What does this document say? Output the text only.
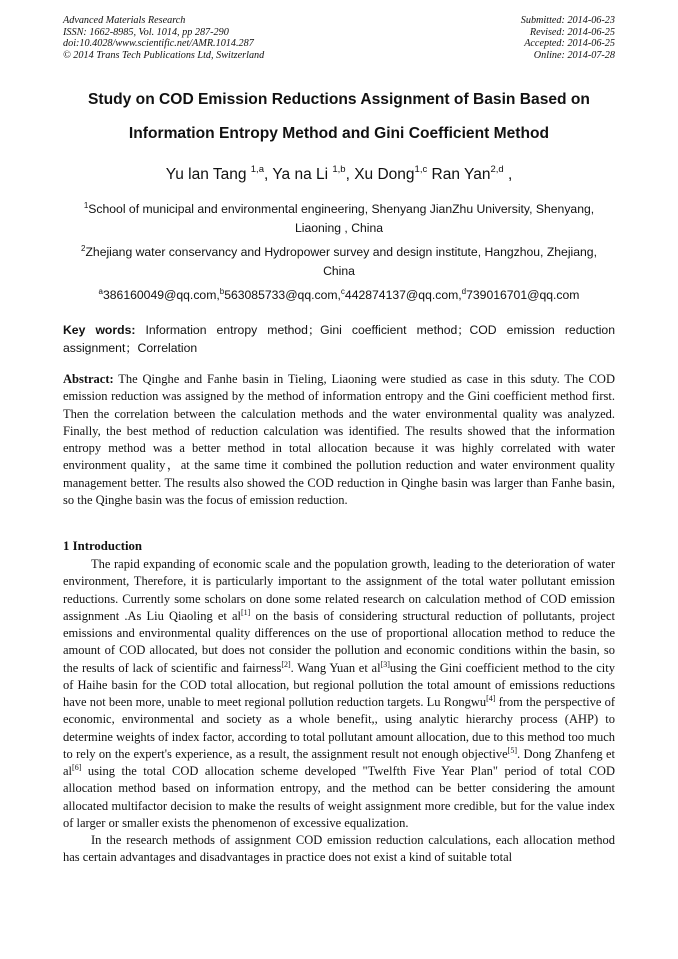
Advanced Materials Research
ISSN: 1662-8985, Vol. 1014, pp 287-290
doi:10.4028/www.scientific.net/AMR.1014.287
© 2014 Trans Tech Publications Ltd, Switzerland
Submitted: 2014-06-23
Revised: 2014-06-25
Accepted: 2014-06-25
Online: 2014-07-28
Study on COD Emission Reductions Assignment of Basin Based on
Information Entropy Method and Gini Coefficient Method
Yu lan Tang $^{1,a}$, Ya na Li $^{1,b}$, Xu Dong$^{1,c}$ Ran Yan$^{2,d}$ ,
$^1$School of municipal and environmental engineering, Shenyang JianZhu University, Shenyang, Liaoning , China
$^2$Zhejiang water conservancy and Hydropower survey and design institute, Hangzhou, Zhejiang, China
$^a$386160049@qq.com,$^b$563085733@qq.com,$^c$442874137@qq.com,$^d$739016701@qq.com
Key words: Information entropy method；Gini coefficient method；COD emission reduction assignment；Correlation
Abstract: The Qinghe and Fanhe basin in Tieling, Liaoning were studied as case in this sduty. The COD emission reduction was assigned by the method of information entropy and the Gini coefficient method first. Then the correlation between the calculation methods and the water environmental quality was analyzed. Finally, the best method of reduction calculation was identified. The results showed that the information entropy method was a better method in total allocation because it was highly correlated with water environment quality，at the same time it combined the pollution reduction and water environment quality management better. The results also showed the COD reduction in Qinghe basin was larger than Fanhe basin, so the Qinghe basin was the focus of emission reduction.
1 Introduction

The rapid expanding of economic scale and the population growth, leading to the deterioration of water environment, Therefore, it is particularly important to the assignment of the total water pollutant emission reductions. Currently some scholars on done some related research on calculation method of COD emission assignment .As Liu Qiaoling et al[1] on the basis of considering structural reduction of pollutants, project emissions and environmental quality differences on the use of proportional allocation method to reduce the amount of COD allocated, but does not consider the pollution and economic conditions within the basin, so the results of lack of scientific and fairness[2]. Wang Yuan et al[3]using the Gini coefficient method to the city of Haihe basin for the COD total allocation, but regional pollution the total amount of emissions reductions have not been more, unable to meet regional pollution reduction targets. Lu Rongwu[4] from the perspective of economic, environmental and society as a whole benefit,, using analytic hierarchy process (AHP) to determine weights of index factor, according to total pollutant amount allocation, due to this method too much to rely on the expert's experience, as a result, the assignment result not enough objective[5]. Dong Zhanfeng et al[6] using the total COD allocation scheme developed "Twelfth Five Year Plan" period of total COD allocation method based on information entropy, and the method can be better considering the amount allocated multifactor decision to make the results of weight assignment more credible, but for the value index of larger or smaller exists the phenomenon of excessive equalization.

In the research methods of assignment COD emission reduction calculations, each allocation method has certain advantages and disadvantages in practice does not exist a kind of suitable total
